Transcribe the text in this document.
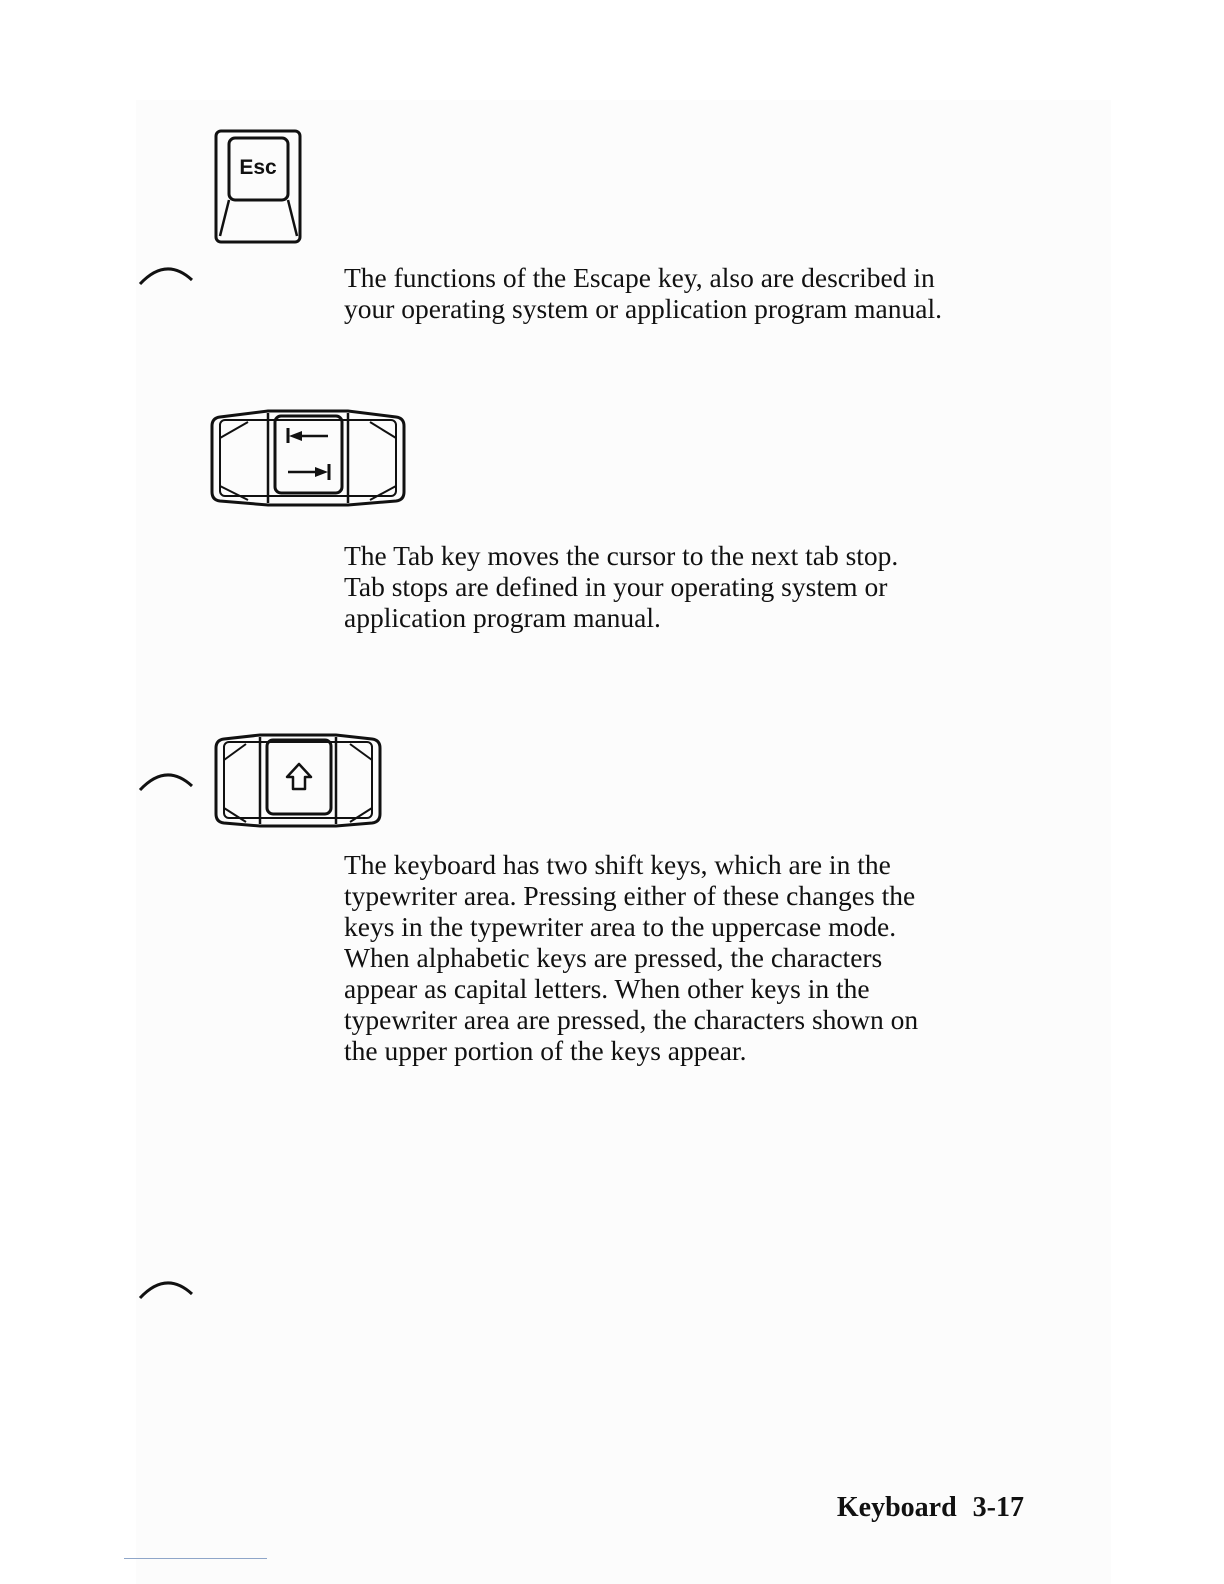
Esc

The functions of the Escape key, also are described in
your operating system or application program manual.

The Tab key moves the cursor to the next tab stop.
Tab stops are defined in your operating system or
application program manual.

The keyboard has two shift keys, which are in the
typewriter area. Pressing either of these changes the
keys in the typewriter area to the uppercase mode.
When alphabetic keys are pressed, the characters
appear as capital letters. When other keys in the
typewriter area are pressed, the characters shown on
the upper portion of the keys appear.

Keyboard 3-17
